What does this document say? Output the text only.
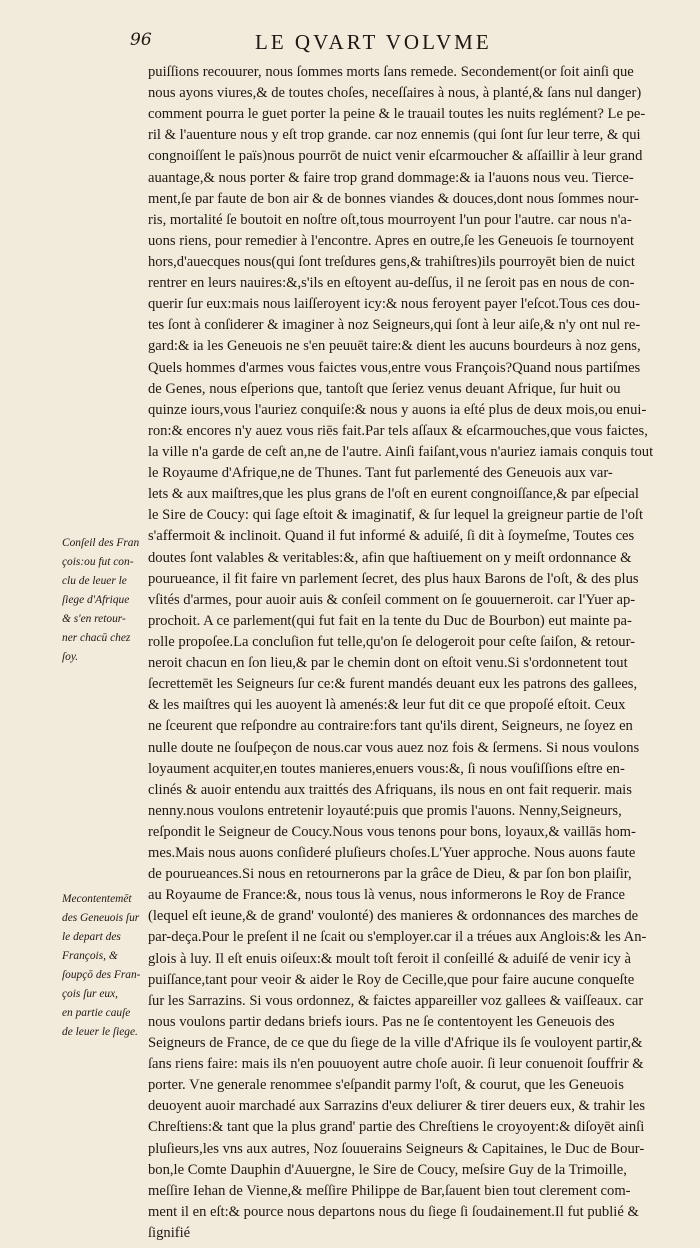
96	LE QVART VOLVME
puiſſions recouurer, nous ſommes morts ſans remede. Secondement(or ſoit ainſi que
nous ayons viures,& de toutes choſes, neceſſaires à nous, à planté,& ſans nul danger)
comment pourra le guet porter la peine & le trauail toutes les nuits reglément? Le pe-
ril & l'auenture nous y eſt trop grande. car noz ennemis (qui ſont ſur leur terre, & qui
congnoiſſent le païs)nous pourrōt de nuict venir eſcarmoucher & aſſaillir à leur grand
auantage,& nous porter & faire trop grand dommage:& ia l'auons nous veu. Tierce-
ment,ſe par faute de bon air & de bonnes viandes & douces,dont nous ſommes nour-
ris, mortalité ſe boutoit en noſtre oſt,tous mourroyent l'un pour l'autre. car nous n'a-
uons riens, pour remedier à l'encontre. Apres en outre,ſe les Geneuois ſe tournoyent
hors,d'auecques nous(qui ſont treſdures gens,& trahiſtres)ils pourroyēt bien de nuict
rentrer en leurs nauires:&,s'ils en eſtoyent au-deſſus, il ne ſeroit pas en nous de con-
querir ſur eux:mais nous laiſſeroyent icy:& nous feroyent payer l'eſcot.Tous ces dou-
tes ſont à conſiderer & imaginer à noz Seigneurs,qui ſont à leur aiſe,& n'y ont nul re-
gard:& ia les Geneuois ne s'en peuuēt taire:& dient les aucuns bourdeurs à noz gens,
Quels hommes d'armes vous faictes vous,entre vous François?Quand nous partiſmes
de Genes, nous eſperions que, tantoſt que ſeriez venus deuant Afrique, ſur huit ou
quinze iours,vous l'auriez conquiſe:& nous y auons ia eſté plus de deux mois,ou enui-
ron:& encores n'y auez vous riēs fait.Par tels aſſaux & eſcarmouches,que vous faictes,
la ville n'a garde de ceſt an,ne de l'autre. Ainſi faiſant,vous n'auriez iamais conquis tout
le Royaume d'Afrique,ne de Thunes. Tant fut parlementé des Geneuois aux var-
lets & aux maiſtres,que les plus grans de l'oſt en eurent congnoiſſance,& par eſpecial
le Sire de Coucy: qui ſage eſtoit & imaginatif, & ſur lequel la greigneur partie de l'oſt
s'affermoit & inclinoit. Quand il fut informé & aduiſé, ſi dit à ſoymeſme, Toutes ces
doutes ſont valables & veritables:&, afin que haſtiuement on y meiſt ordonnance &
pourueance, il fit faire vn parlement ſecret, des plus haux Barons de l'oſt, & des plus
vſités d'armes, pour auoir auis & conſeil comment on ſe gouuerneroit. car l'Yuer ap-
prochoit. A ce parlement(qui fut fait en la tente du Duc de Bourbon) eut mainte pa-
rolle propoſee.La concluſion fut telle,qu'on ſe delogeroit pour ceſte ſaiſon, & retour-
neroit chacun en ſon lieu,& par le chemin dont on eſtoit venu.Si s'ordonnetent tout
ſecrettemēt les Seigneurs ſur ce:& furent mandés deuant eux les patrons des gallees,
& les maiſtres qui les auoyent là amenés:& leur fut dit ce que propoſé eſtoit. Ceux
ne ſceurent que reſpondre au contraire:fors tant qu'ils dirent, Seigneurs, ne ſoyez en
nulle doute ne ſouſpeçon de nous.car vous auez noz fois & ſermens. Si nous voulons
loyaument acquiter,en toutes manieres,enuers vous:&, ſi nous vouſiſſions eſtre en-
clinés & auoir entendu aux traittés des Afriquans, ils nous en ont fait requerir. mais
nenny.nous voulons entretenir loyauté:puis que promis l'auons. Nenny,Seigneurs,
reſpondit le Seigneur de Coucy.Nous vous tenons pour bons, loyaux,& vaillās hom-
mes.Mais nous auons conſideré pluſieurs choſes.L'Yuer approche. Nous auons faute
de pourueances.Si nous en retournerons par la grâce de Dieu, & par ſon bon plaiſir,
au Royaume de France:&, nous tous là venus, nous informerons le Roy de France
(lequel eſt ieune,& de grand' voulonté) des manieres & ordonnances des marches de
par-deça.Pour le preſent il ne ſcait ou s'employer.car il a tréues aux Anglois:& les An-
glois à luy. Il eſt enuis oiſeux:& moult toſt feroit il conſeillé & aduiſé de venir icy à
puiſſance,tant pour veoir & aider le Roy de Cecille,que pour faire aucune conqueſte
ſur les Sarrazins. Si vous ordonnez, & faictes appareiller voz gallees & vaiſſeaux. car
nous voulons partir dedans briefs iours. Pas ne ſe contentoyent les Geneuois des
Seigneurs de France, de ce que du ſiege de la ville d'Afrique ils ſe vouloyent partir,&
ſans riens faire: mais ils n'en pouuoyent autre choſe auoir. ſi leur conuenoit ſouffrir &
porter. Vne generale renommee s'eſpandit parmy l'oſt, & courut, que les Geneuois
deuoyent auoir marchadé aux Sarrazins d'eux deliurer & tirer deuers eux, & trahir les
Chreſtiens:& tant que la plus grand' partie des Chreſtiens le croyoyent:& diſoyēt ainſi
pluſieurs,les vns aux autres, Noz ſouuerains Seigneurs & Capitaines, le Duc de Bour-
bon,le Comte Dauphin d'Auuergne, le Sire de Coucy, meſsire Guy de la Trimoille,
meſſire Iehan de Vienne,& meſſire Philippe de Bar,ſauent bien tout clerement com-
ment il en eſt:& pource nous departons nous du ſiege ſi ſoudainement.Il fut publié &
ſignifié
Conſeil des Fran
çois:ou fut con-
clu de leuer le
ſiege d'Afrique
& s'en retour-
ner chacū chez
ſoy.
Mecontentemēt
des Geneuois ſur
le depart des
François, &
ſoupçō des Fran-
çois ſur eux,
en partie cauſe
de leuer le ſiege.
